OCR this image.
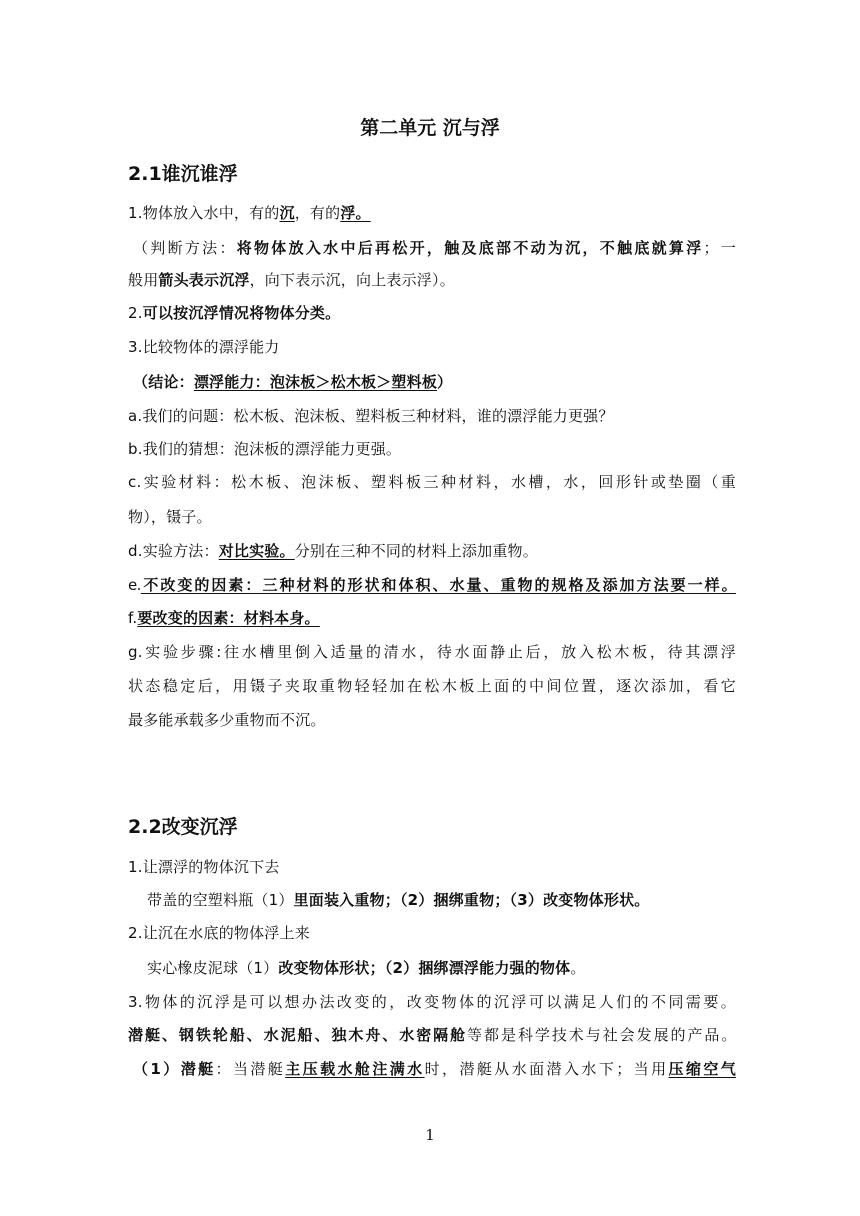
第二单元 沉与浮
2.1谁沉谁浮
1.物体放入水中，有的沉，有的浮。
（判断方法：将物体放入水中后再松开，触及底部不动为沉，不触底就算浮；一
般用箭头表示沉浮，向下表示沉，向上表示浮）。
2.可以按沉浮情况将物体分类。
3.比较物体的漂浮能力
（结论：漂浮能力：泡沫板＞松木板＞塑料板）
a.我们的问题：松木板、泡沫板、塑料板三种材料，谁的漂浮能力更强？
b.我们的猜想：泡沫板的漂浮能力更强。
c.实验材料：松木板、泡沫板、塑料板三种材料，水槽，水，回形针或垫圈（重
物），镊子。
d.实验方法：对比实验。分别在三种不同的材料上添加重物。
e.不改变的因素：三种材料的形状和体积、水量、重物的规格及添加方法要一样。
f.要改变的因素：材料本身。
g.实验步骤:往水槽里倒入适量的清水，待水面静止后，放入松木板，待其漂浮
状态稳定后，用镊子夹取重物轻轻加在松木板上面的中间位置，逐次添加，看它
最多能承载多少重物而不沉。
2.2改变沉浮
1.让漂浮的物体沉下去
带盖的空塑料瓶（1）里面装入重物；（2）捆绑重物；（3）改变物体形状。
2.让沉在水底的物体浮上来
实心橡皮泥球（1）改变物体形状；（2）捆绑漂浮能力强的物体。
3.物体的沉浮是可以想办法改变的，改变物体的沉浮可以满足人们的不同需要。
潜艇、钢铁轮船、水泥船、独木舟、水密隔舱等都是科学技术与社会发展的产品。
（1）潜艇：当潜艇主压载水舱注满水时，潜艇从水面潜入水下；当用压缩空气
1
